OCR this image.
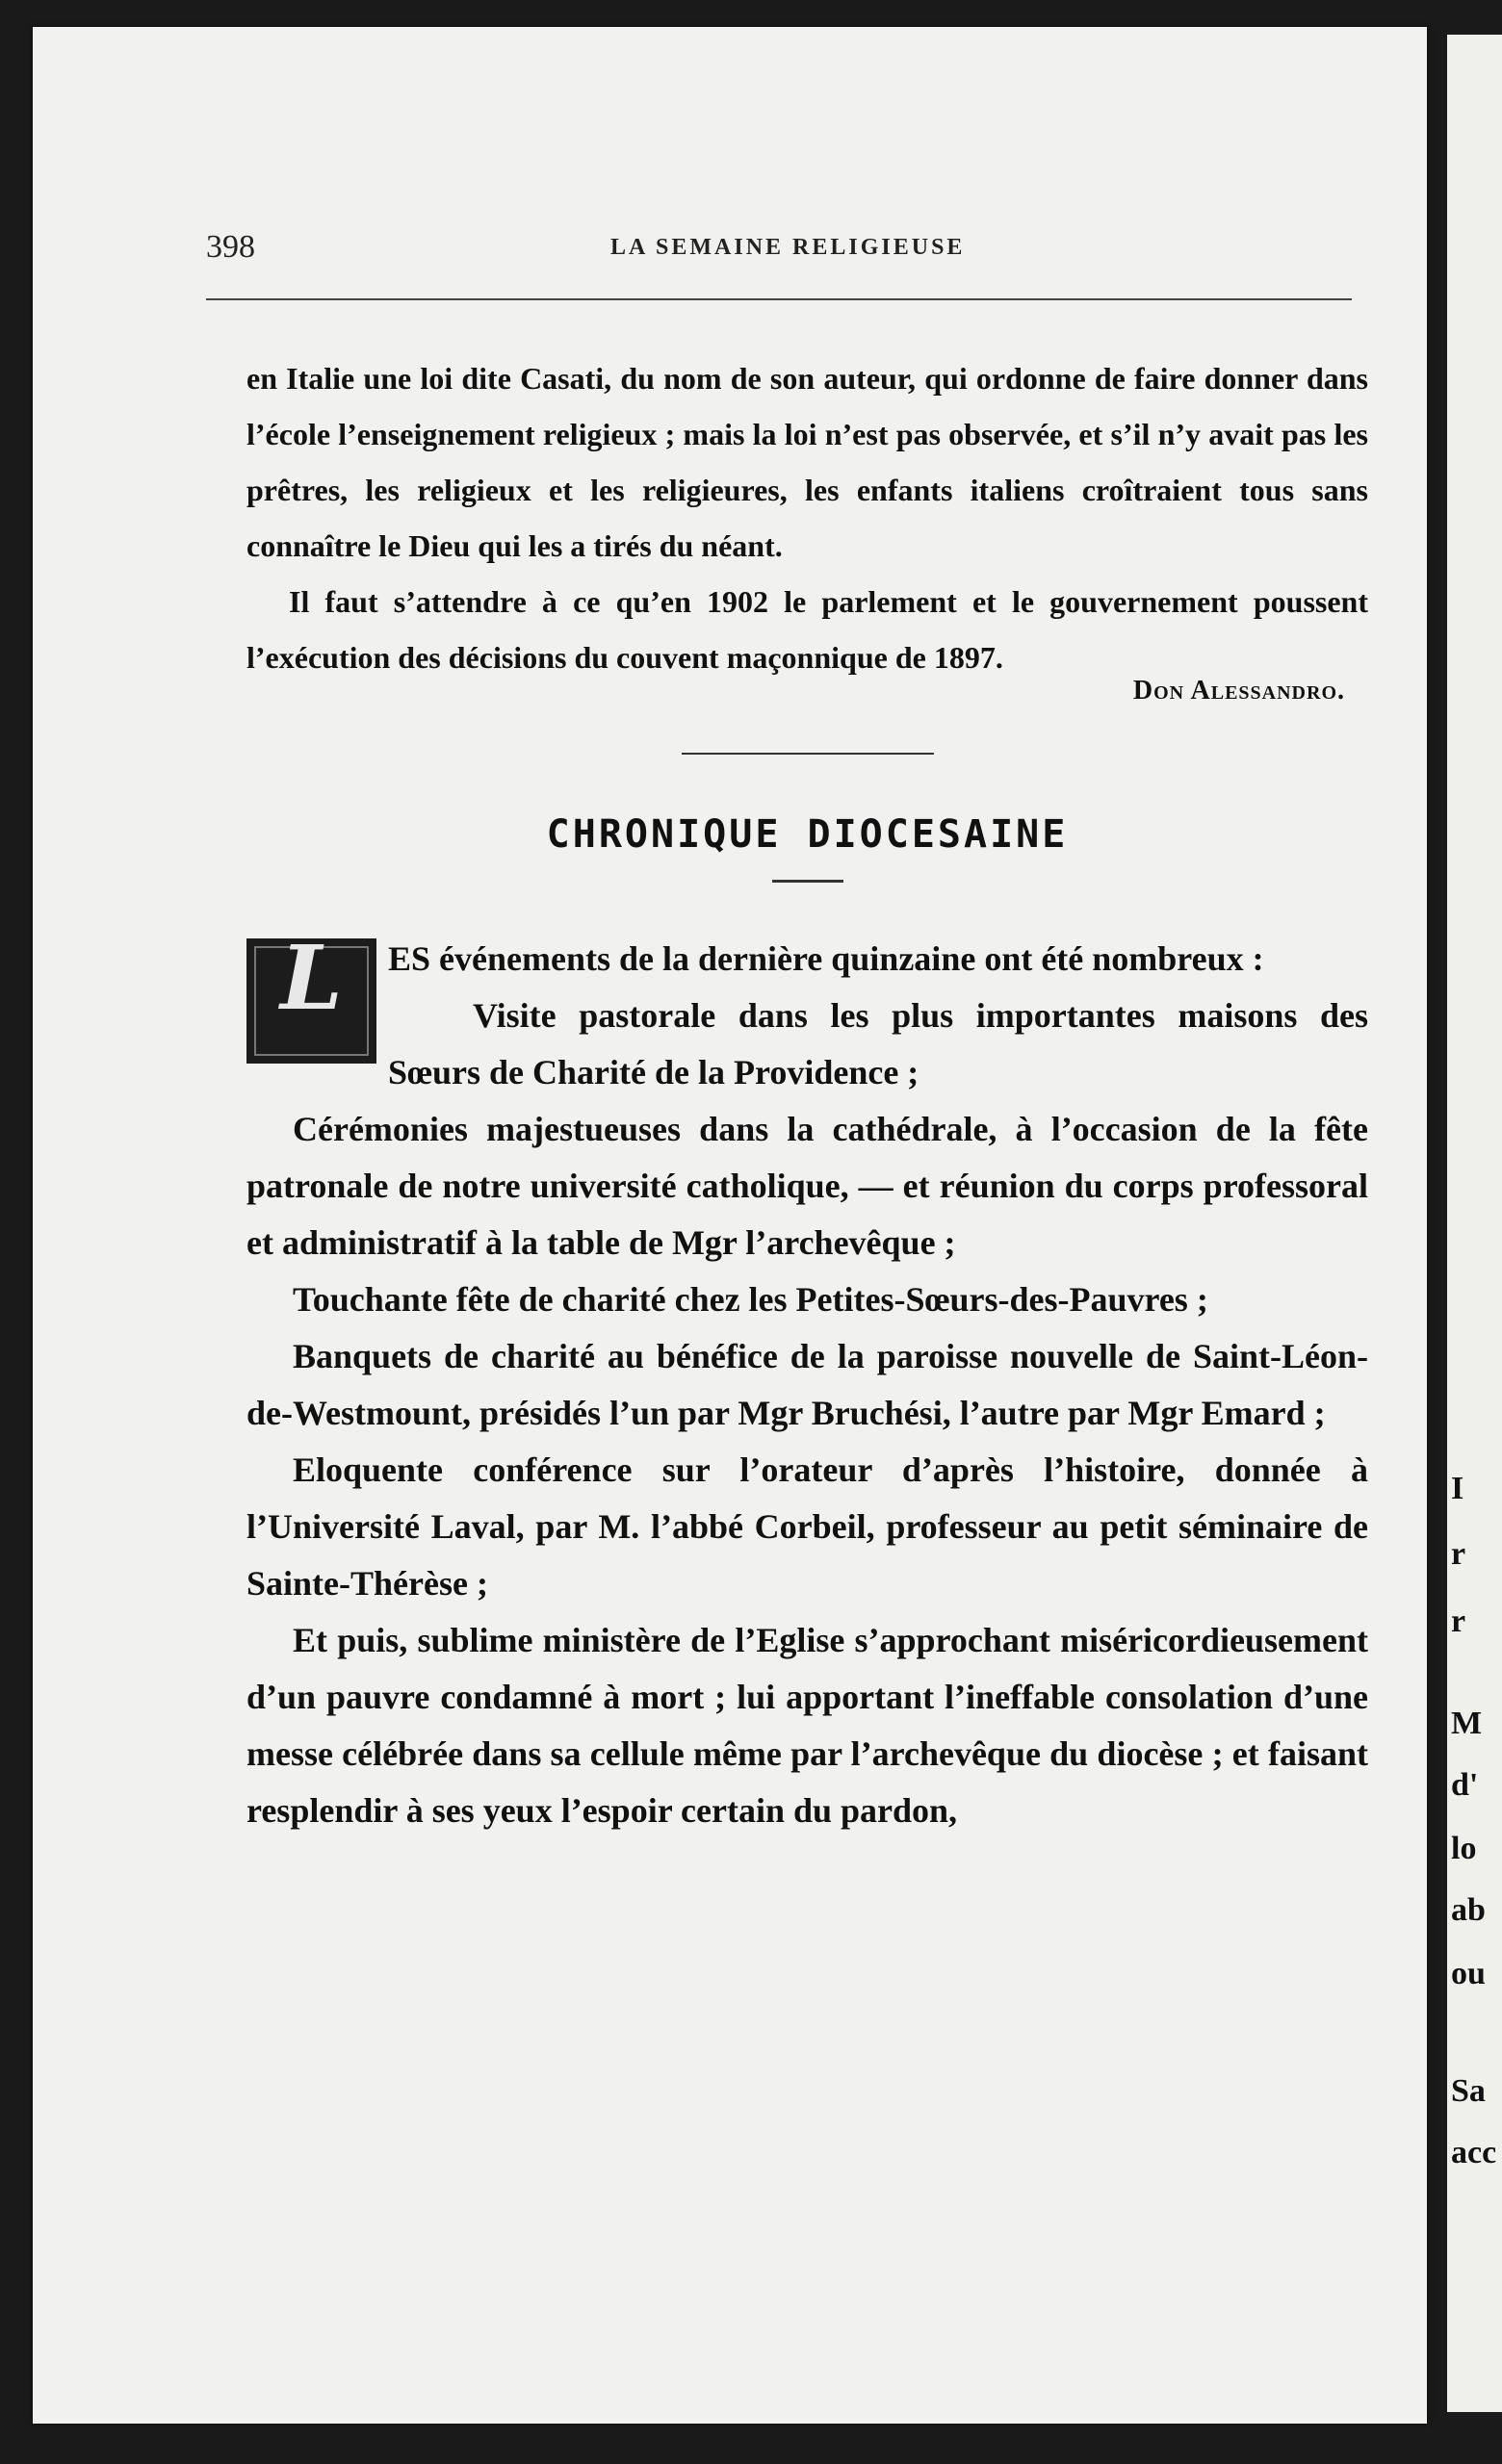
398	LA SEMAINE RELIGIEUSE

en Italie une loi dite Casati, du nom de son auteur, qui ordonne de faire donner dans l’école l’enseignement religieux ; mais la loi n’est pas observée, et s’il n’y avait pas les prêtres, les religieux et les religieures, les enfants italiens croîtraient tous sans connaître le Dieu qui les a tirés du néant.

Il faut s’attendre à ce qu’en 1902 le parlement et le gouvernement poussent l’exécution des décisions du couvent maçonnique de 1897.

Don Alessandro.
CHRONIQUE DIOCESAINE
L	ES événements de la dernière quinzaine ont été nombreux :

Visite pastorale dans les plus importantes maisons des Sœurs de Charité de la Providence ;

Cérémonies majestueuses dans la cathédrale, à l’occasion de la fête patronale de notre université catholique, — et réunion du corps professoral et administratif à la table de Mgr l’archevêque ;

Touchante fête de charité chez les Petites-Sœurs-des-Pauvres ;

Banquets de charité au bénéfice de la paroisse nouvelle de Saint-Léon-de-Westmount, présidés l’un par Mgr Bruchési, l’autre par Mgr Emard ;

Eloquente conférence sur l’orateur d’après l’histoire, donnée à l’Université Laval, par M. l’abbé Corbeil, professeur au petit séminaire de Sainte-Thérèse ;

Et puis, sublime ministère de l’Eglise s’approchant miséricordieusement d’un pauvre condamné à mort ; lui apportant l’ineffable consolation d’une messe célébrée dans sa cellule même par l’archevêque du diocèse ; et faisant resplendir à ses yeux l’espoir certain du pardon,

I
r
r
M
d'
lo
ab
ou
Sa
acc
